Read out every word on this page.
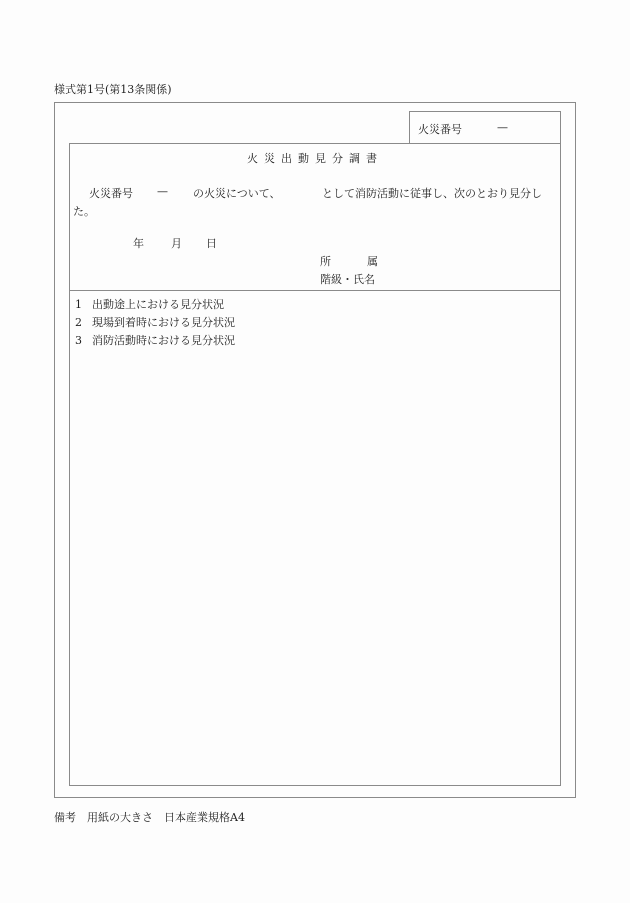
様式第1号(第13条関係)
火災番号	—
火災出動見分調書
火災番号 — の火災について、	として消防活動に従事し、次のとおり見分し
た。
年 月 日
所	属
階級・氏名
1 出動途上における見分状況
2 現場到着時における見分状況
3 消防活動時における見分状況
備考　 用紙の大きさ　日本産業規格A4
